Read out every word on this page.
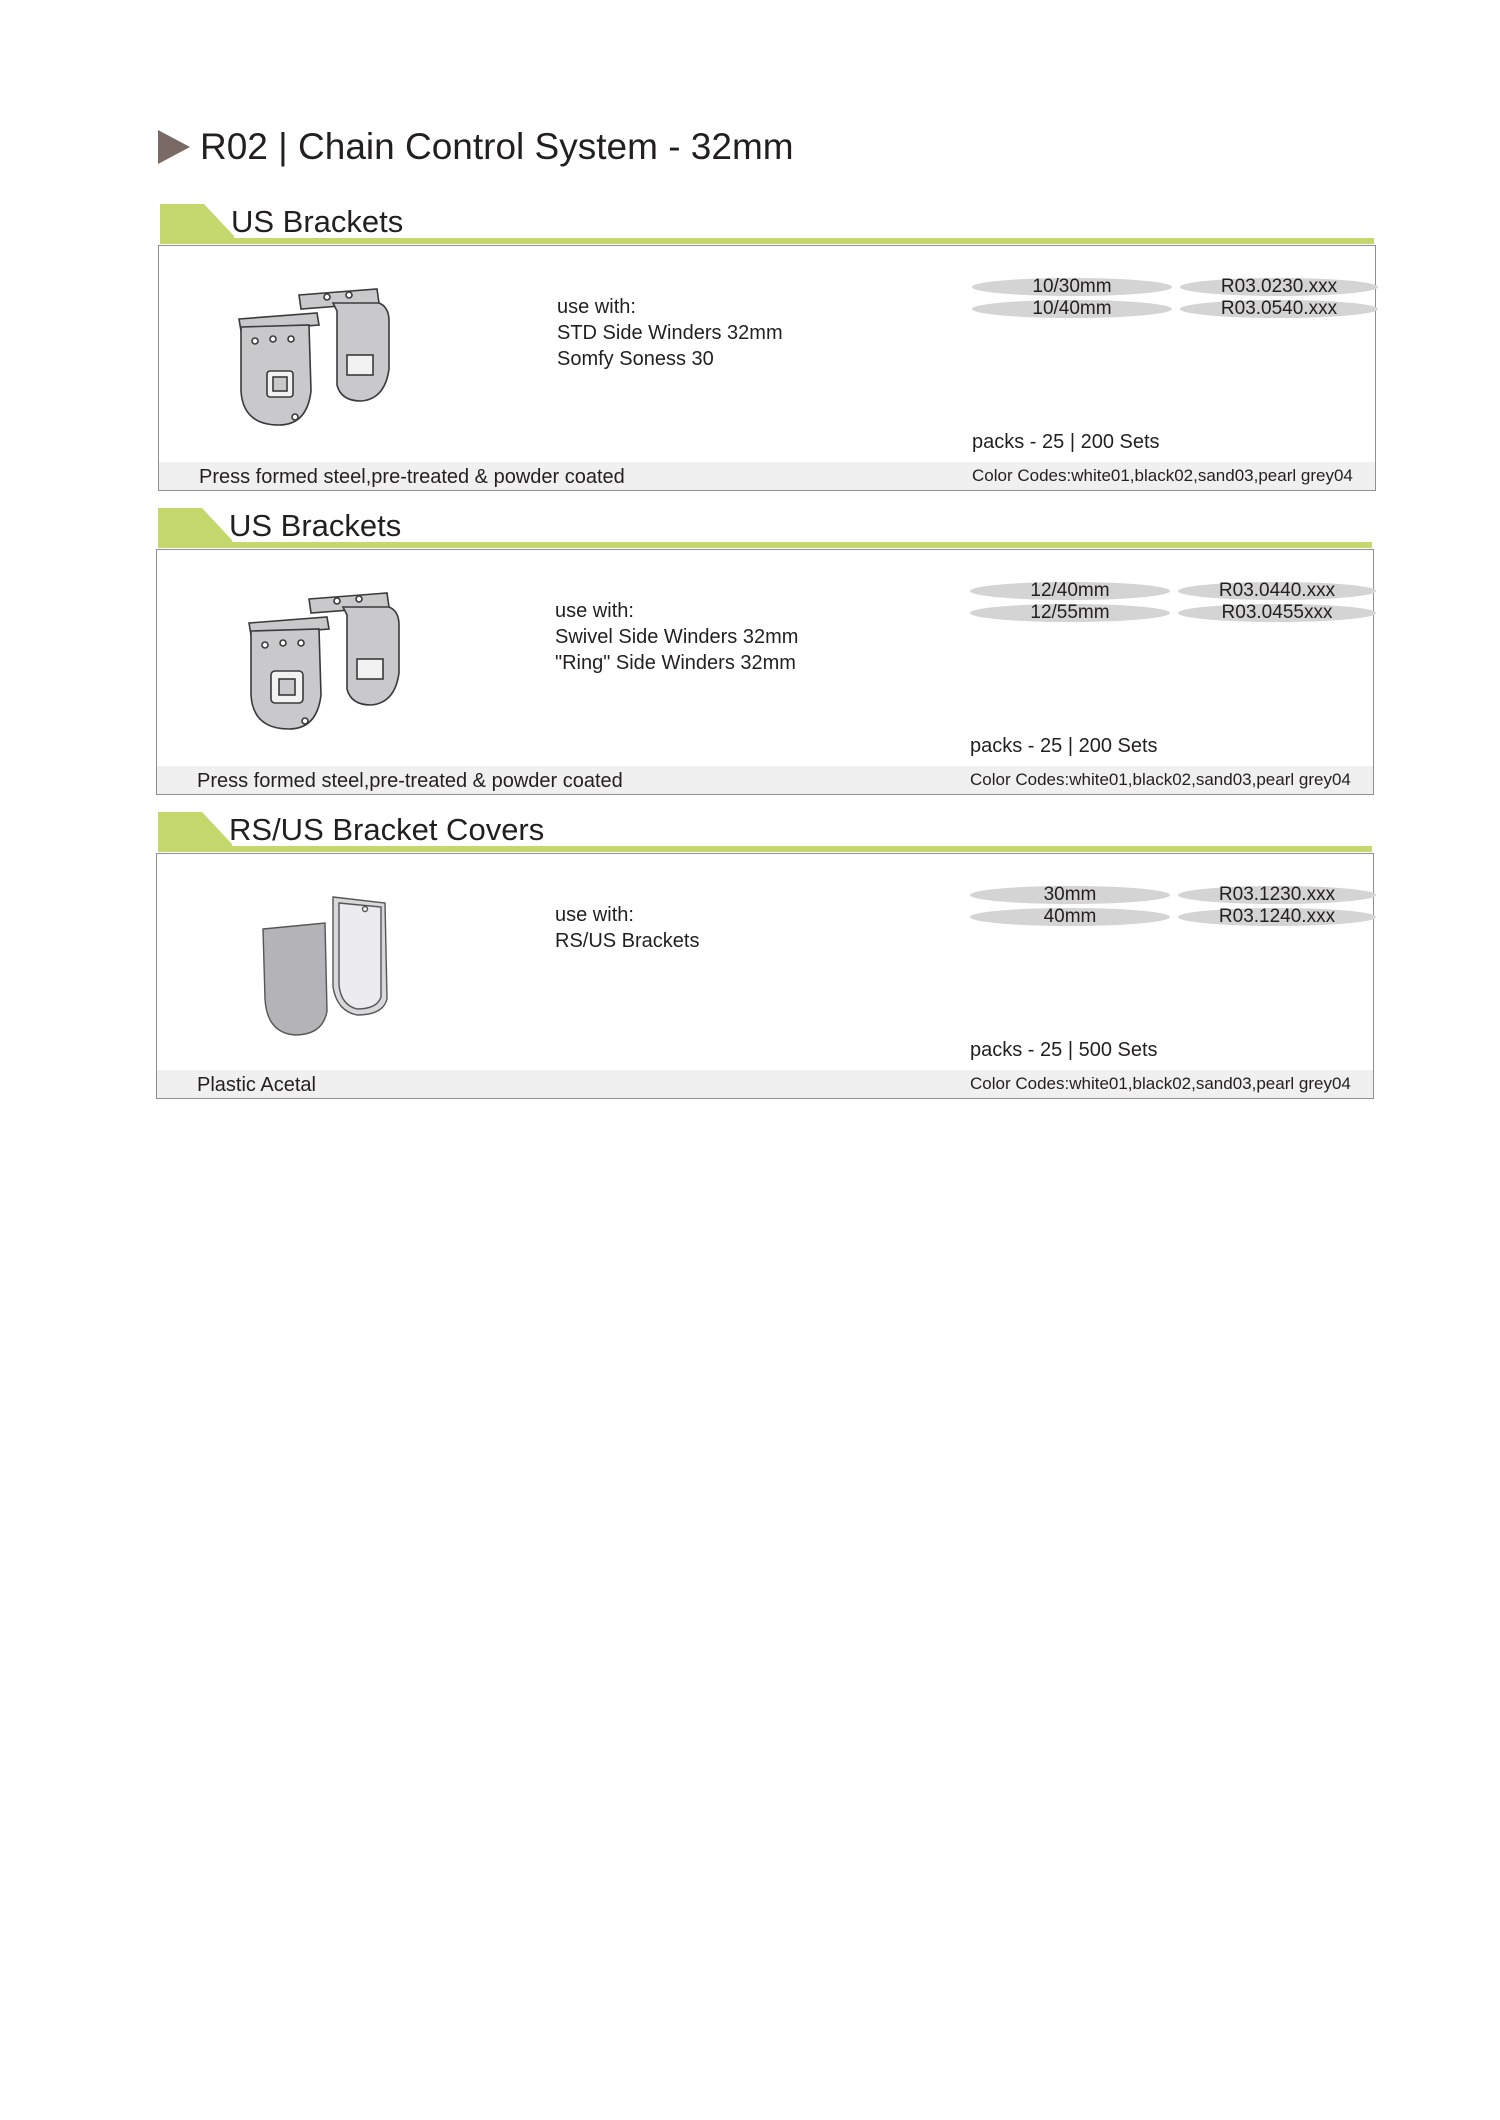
R02 | Chain Control System - 32mm
US Brackets
use with:
STD Side Winders 32mm
Somfy Soness 30
10/30mm	R03.0230.xxx
10/40mm	R03.0540.xxx
packs - 25 | 200 Sets
Press formed steel,pre-treated & powder coated	Color Codes:white01,black02,sand03,pearl grey04
US Brackets
use with:
Swivel Side Winders 32mm
"Ring" Side Winders 32mm
12/40mm	R03.0440.xxx
12/55mm	R03.0455xxx
packs - 25 | 200 Sets
Press formed steel,pre-treated & powder coated	Color Codes:white01,black02,sand03,pearl grey04
RS/US Bracket Covers
use with:
RS/US Brackets
30mm	R03.1230.xxx
40mm	R03.1240.xxx
packs - 25 | 500 Sets
Plastic Acetal	Color Codes:white01,black02,sand03,pearl grey04
